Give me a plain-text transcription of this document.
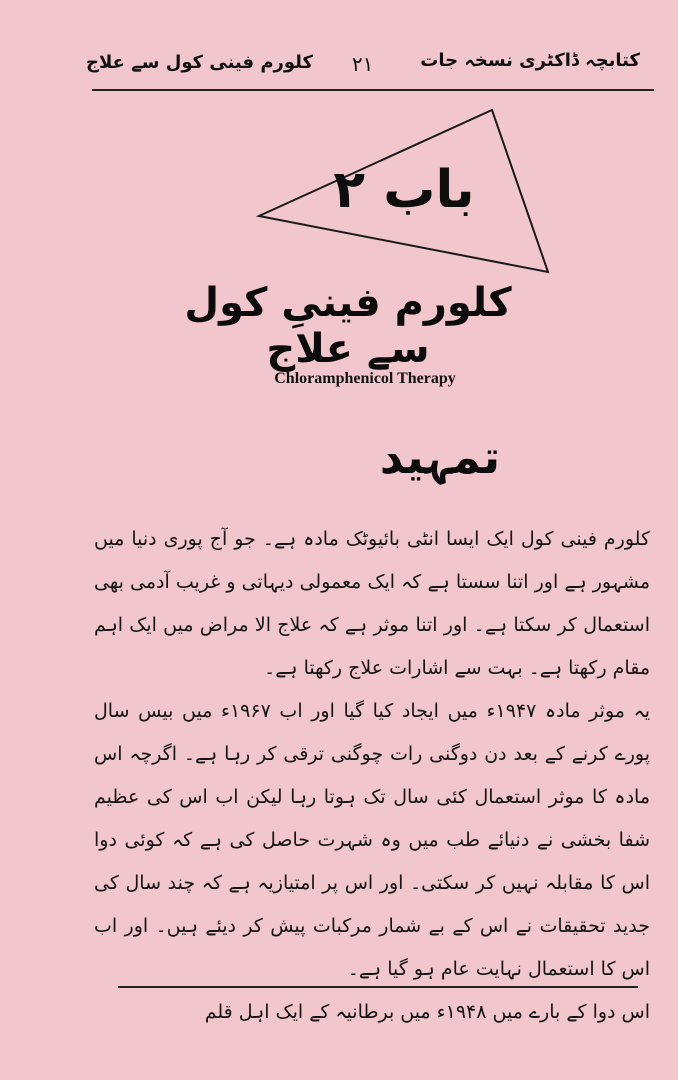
کتابچہ ڈاکٹری نسخہ جات
۲۱
کلورم فینی کول سے علاج
باب ۲
کلورم فینیِ کول سے علاج
Chloramphenicol Therapy
تمہید

کلورم فینی کول ایک ایسا انٹی بائیوٹک مادہ ہے۔ جو آج پوری دنیا میں مشہور ہے اور اتنا سستا ہے کہ ایک معمولی دیہاتی و غریب آدمی بھی استعمال کر سکتا ہے۔ اور اتنا موثر ہے کہ علاج الا مراض میں ایک اہم مقام رکھتا ہے۔ بہت سے اشارات علاج رکھتا ہے۔

یہ موثر مادہ ۱۹۴۷ء میں ایجاد کیا گیا اور اب ۱۹۶۷ء میں بیس سال پورے کرنے کے بعد دن دوگنی رات چوگنی ترقی کر رہا ہے۔ اگرچہ اس مادہ کا موثر استعمال کئی سال تک ہوتا رہا لیکن اب اس کی عظیم شفا بخشی نے دنیائے طب میں وہ شہرت حاصل کی ہے کہ کوئی دوا اس کا مقابلہ نہیں کر سکتی۔ اور اس پر امتیازیہ ہے کہ چند سال کی جدید تحقیقات نے اس کے بے شمار مرکبات پیش کر دیئے ہیں۔ اور اب اس کا استعمال نہایت عام ہو گیا ہے۔

اس دوا کے بارے میں ۱۹۴۸ء میں برطانیہ کے ایک اہل قلم
